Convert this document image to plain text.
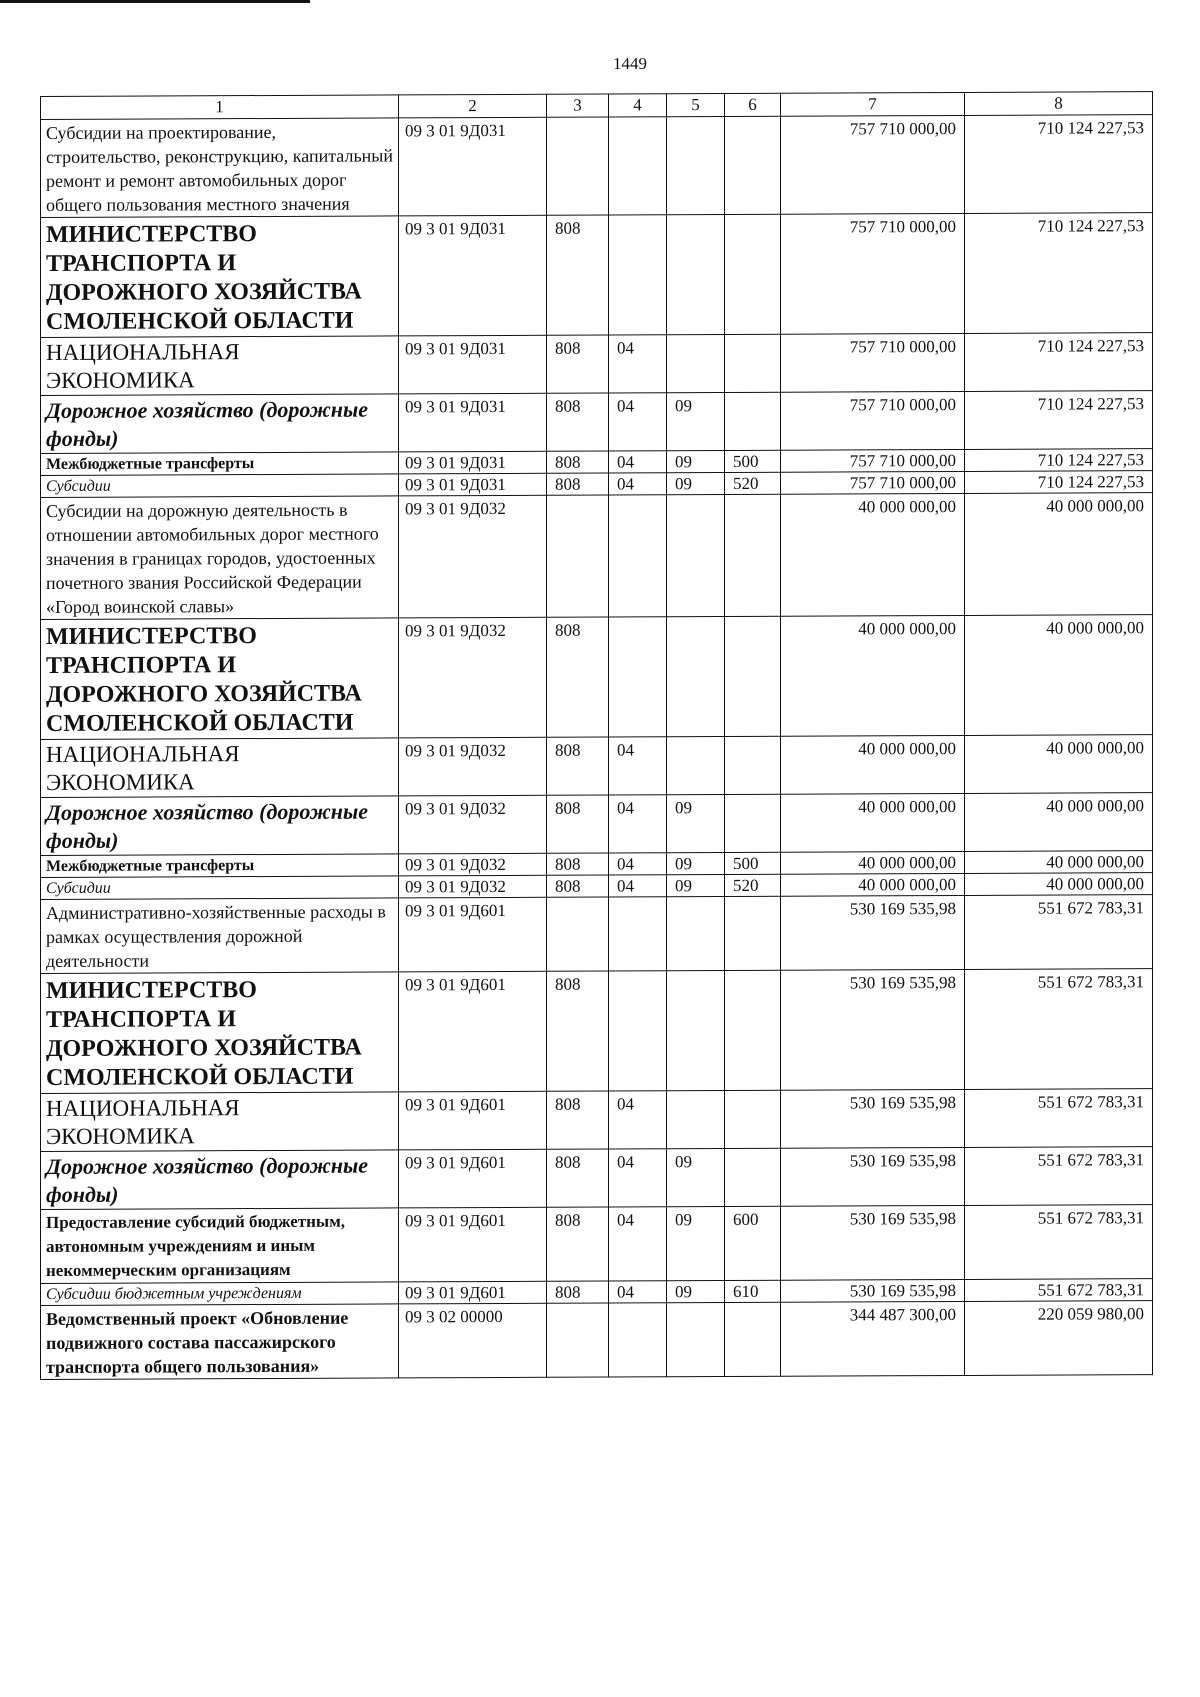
1449
1	2	3	4	5	6	7	8
Субсидии на проектирование, строительство, реконструкцию, капитальный ремонт и ремонт автомобильных дорог общего пользования местного значения	09 3 01 9Д031					757 710 000,00	710 124 227,53
МИНИСТЕРСТВО ТРАНСПОРТА И ДОРОЖНОГО ХОЗЯЙСТВА СМОЛЕНСКОЙ ОБЛАСТИ	09 3 01 9Д031	808				757 710 000,00	710 124 227,53
НАЦИОНАЛЬНАЯ ЭКОНОМИКА	09 3 01 9Д031	808	04			757 710 000,00	710 124 227,53
Дорожное хозяйство (дорожные фонды)	09 3 01 9Д031	808	04	09		757 710 000,00	710 124 227,53
Межбюджетные трансферты	09 3 01 9Д031	808	04	09	500	757 710 000,00	710 124 227,53
Субсидии	09 3 01 9Д031	808	04	09	520	757 710 000,00	710 124 227,53
Субсидии на дорожную деятельность в отношении автомобильных дорог местного значения в границах городов, удостоенных почетного звания Российской Федерации «Город воинской славы»	09 3 01 9Д032					40 000 000,00	40 000 000,00
МИНИСТЕРСТВО ТРАНСПОРТА И ДОРОЖНОГО ХОЗЯЙСТВА СМОЛЕНСКОЙ ОБЛАСТИ	09 3 01 9Д032	808				40 000 000,00	40 000 000,00
НАЦИОНАЛЬНАЯ ЭКОНОМИКА	09 3 01 9Д032	808	04			40 000 000,00	40 000 000,00
Дорожное хозяйство (дорожные фонды)	09 3 01 9Д032	808	04	09		40 000 000,00	40 000 000,00
Межбюджетные трансферты	09 3 01 9Д032	808	04	09	500	40 000 000,00	40 000 000,00
Субсидии	09 3 01 9Д032	808	04	09	520	40 000 000,00	40 000 000,00
Административно-хозяйственные расходы в рамках осуществления дорожной деятельности	09 3 01 9Д601					530 169 535,98	551 672 783,31
МИНИСТЕРСТВО ТРАНСПОРТА И ДОРОЖНОГО ХОЗЯЙСТВА СМОЛЕНСКОЙ ОБЛАСТИ	09 3 01 9Д601	808				530 169 535,98	551 672 783,31
НАЦИОНАЛЬНАЯ ЭКОНОМИКА	09 3 01 9Д601	808	04			530 169 535,98	551 672 783,31
Дорожное хозяйство (дорожные фонды)	09 3 01 9Д601	808	04	09		530 169 535,98	551 672 783,31
Предоставление субсидий бюджетным, автономным учреждениям и иным некоммерческим организациям	09 3 01 9Д601	808	04	09	600	530 169 535,98	551 672 783,31
Субсидии бюджетным учреждениям	09 3 01 9Д601	808	04	09	610	530 169 535,98	551 672 783,31
Ведомственный проект «Обновление подвижного состава пассажирского транспорта общего пользования»	09 3 02 00000					344 487 300,00	220 059 980,00
